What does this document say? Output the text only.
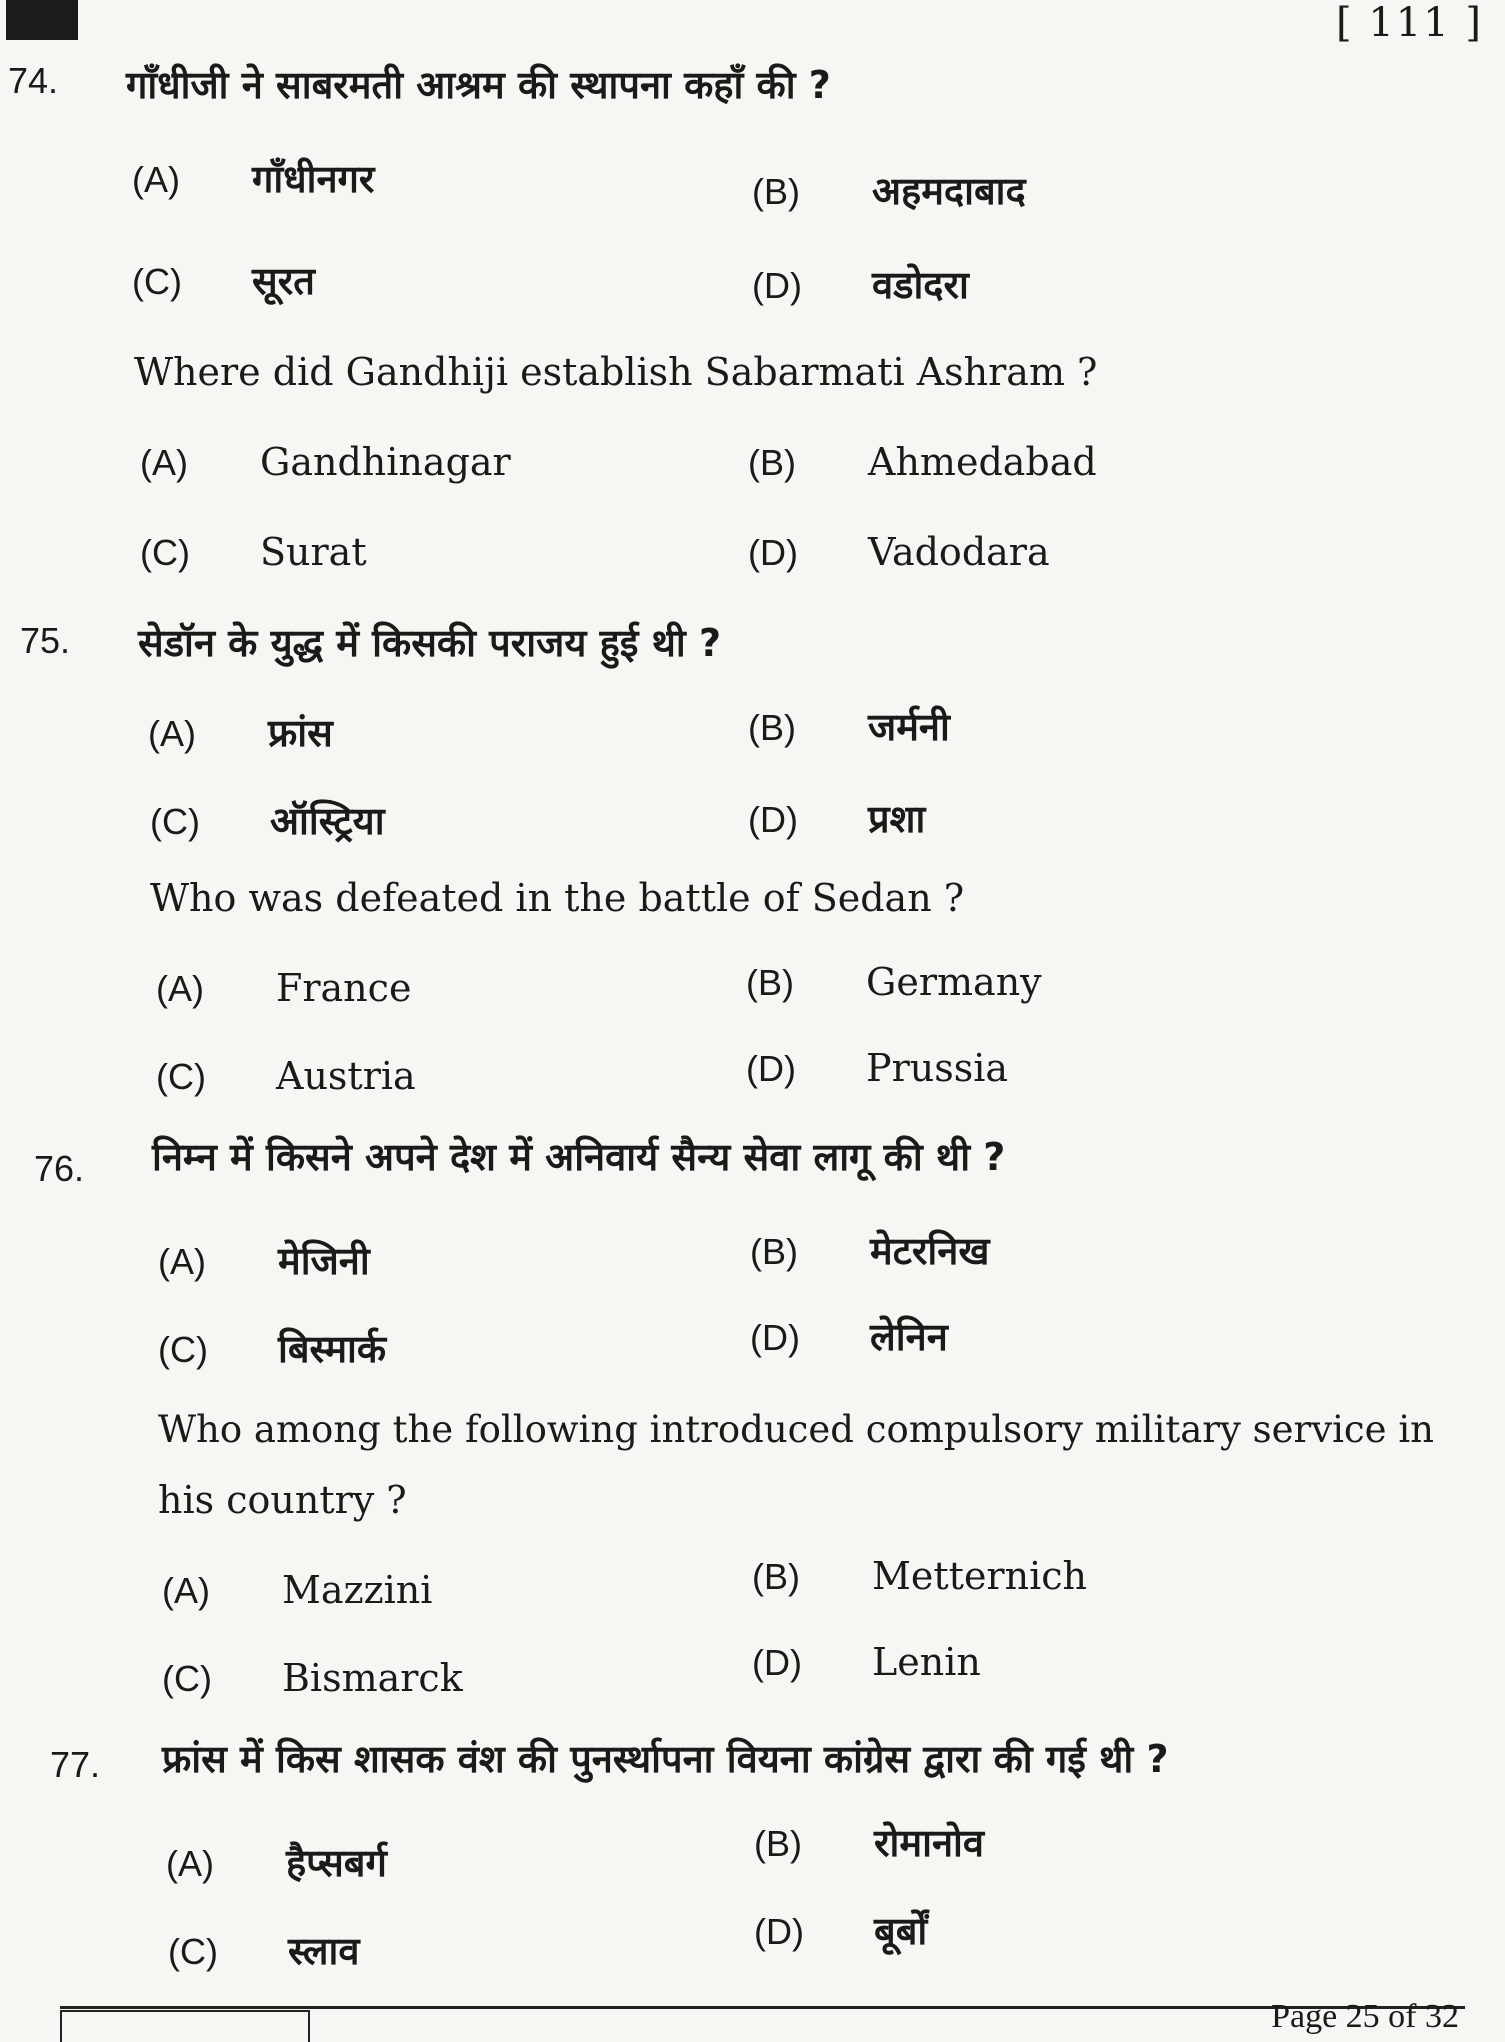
[ 111 ]
74. गाँधीजी ने साबरमती आश्रम की स्थापना कहाँ की ?
(A)	गाँधीनगर	(B)	अहमदाबाद
(C)	सूरत	(D)	वडोदरा
Where did Gandhiji establish Sabarmati Ashram ?
(A)	Gandhinagar	(B)	Ahmedabad
(C)	Surat	(D)	Vadodara
75. सेडॉन के युद्ध में किसकी पराजय हुई थी ?
(A)	फ्रांस	(B)	जर्मनी
(C)	ऑस्ट्रिया	(D)	प्रशा
Who was defeated in the battle of Sedan ?
(A)	France	(B)	Germany
(C)	Austria	(D)	Prussia
76. निम्न में किसने अपने देश में अनिवार्य सैन्य सेवा लागू की थी ?
(A)	मेजिनी	(B)	मेटरनिख
(C)	बिस्मार्क	(D)	लेनिन
Who among the following introduced compulsory military service in
his country ?
(A)	Mazzini	(B)	Metternich
(C)	Bismarck	(D)	Lenin
77. फ्रांस में किस शासक वंश की पुनर्स्थापना वियना कांग्रेस द्वारा की गई थी ?
(A)	हैप्सबर्ग	(B)	रोमानोव
(C)	स्लाव	(D)	बूर्बों
Page 25 of 32
